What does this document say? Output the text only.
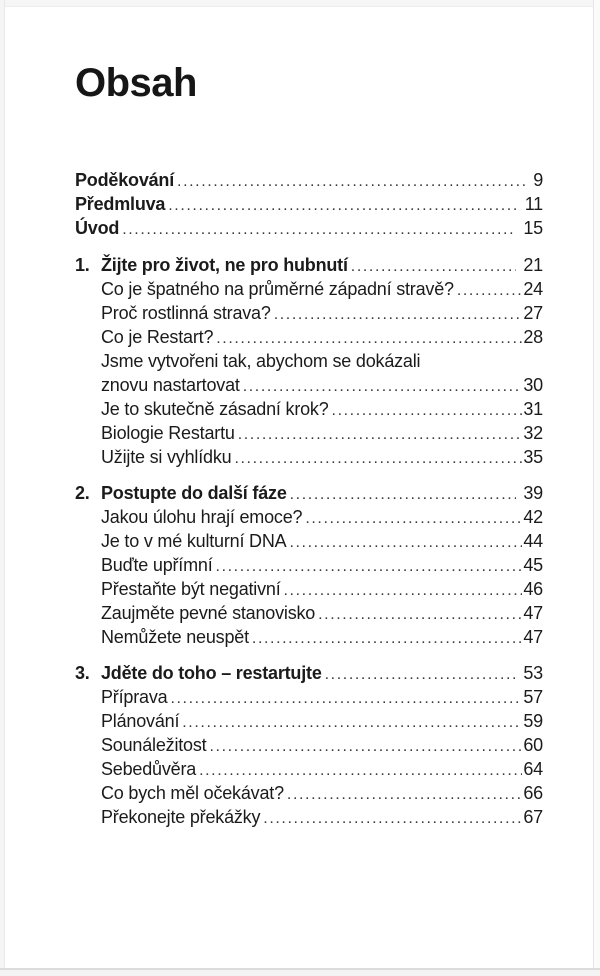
Obsah
Poděkování .....	9
Předmluva .....	11
Úvod .....	15
1. Žijte pro život, ne pro hubnutí .....	21
Co je špatného na průměrné západní stravě? .....	24
Proč rostlinná strava? .....	27
Co je Restart? .....	28
Jsme vytvořeni tak, abychom se dokázali
znovu nastartovat .....	30
Je to skutečně zásadní krok? .....	31
Biologie Restartu .....	32
Užijte si vyhlídku .....	35
2. Postupte do další fáze .....	39
Jakou úlohu hrají emoce? .....	42
Je to v mé kulturní DNA .....	44
Buďte upřímní .....	45
Přestaňte být negativní .....	46
Zaujměte pevné stanovisko .....	47
Nemůžete neuspět .....	47
3. Jděte do toho – restartujte .....	53
Příprava .....	57
Plánování .....	59
Sounáležitost .....	60
Sebedůvěra .....	64
Co bych měl očekávat? .....	66
Překonejte překážky .....	67
